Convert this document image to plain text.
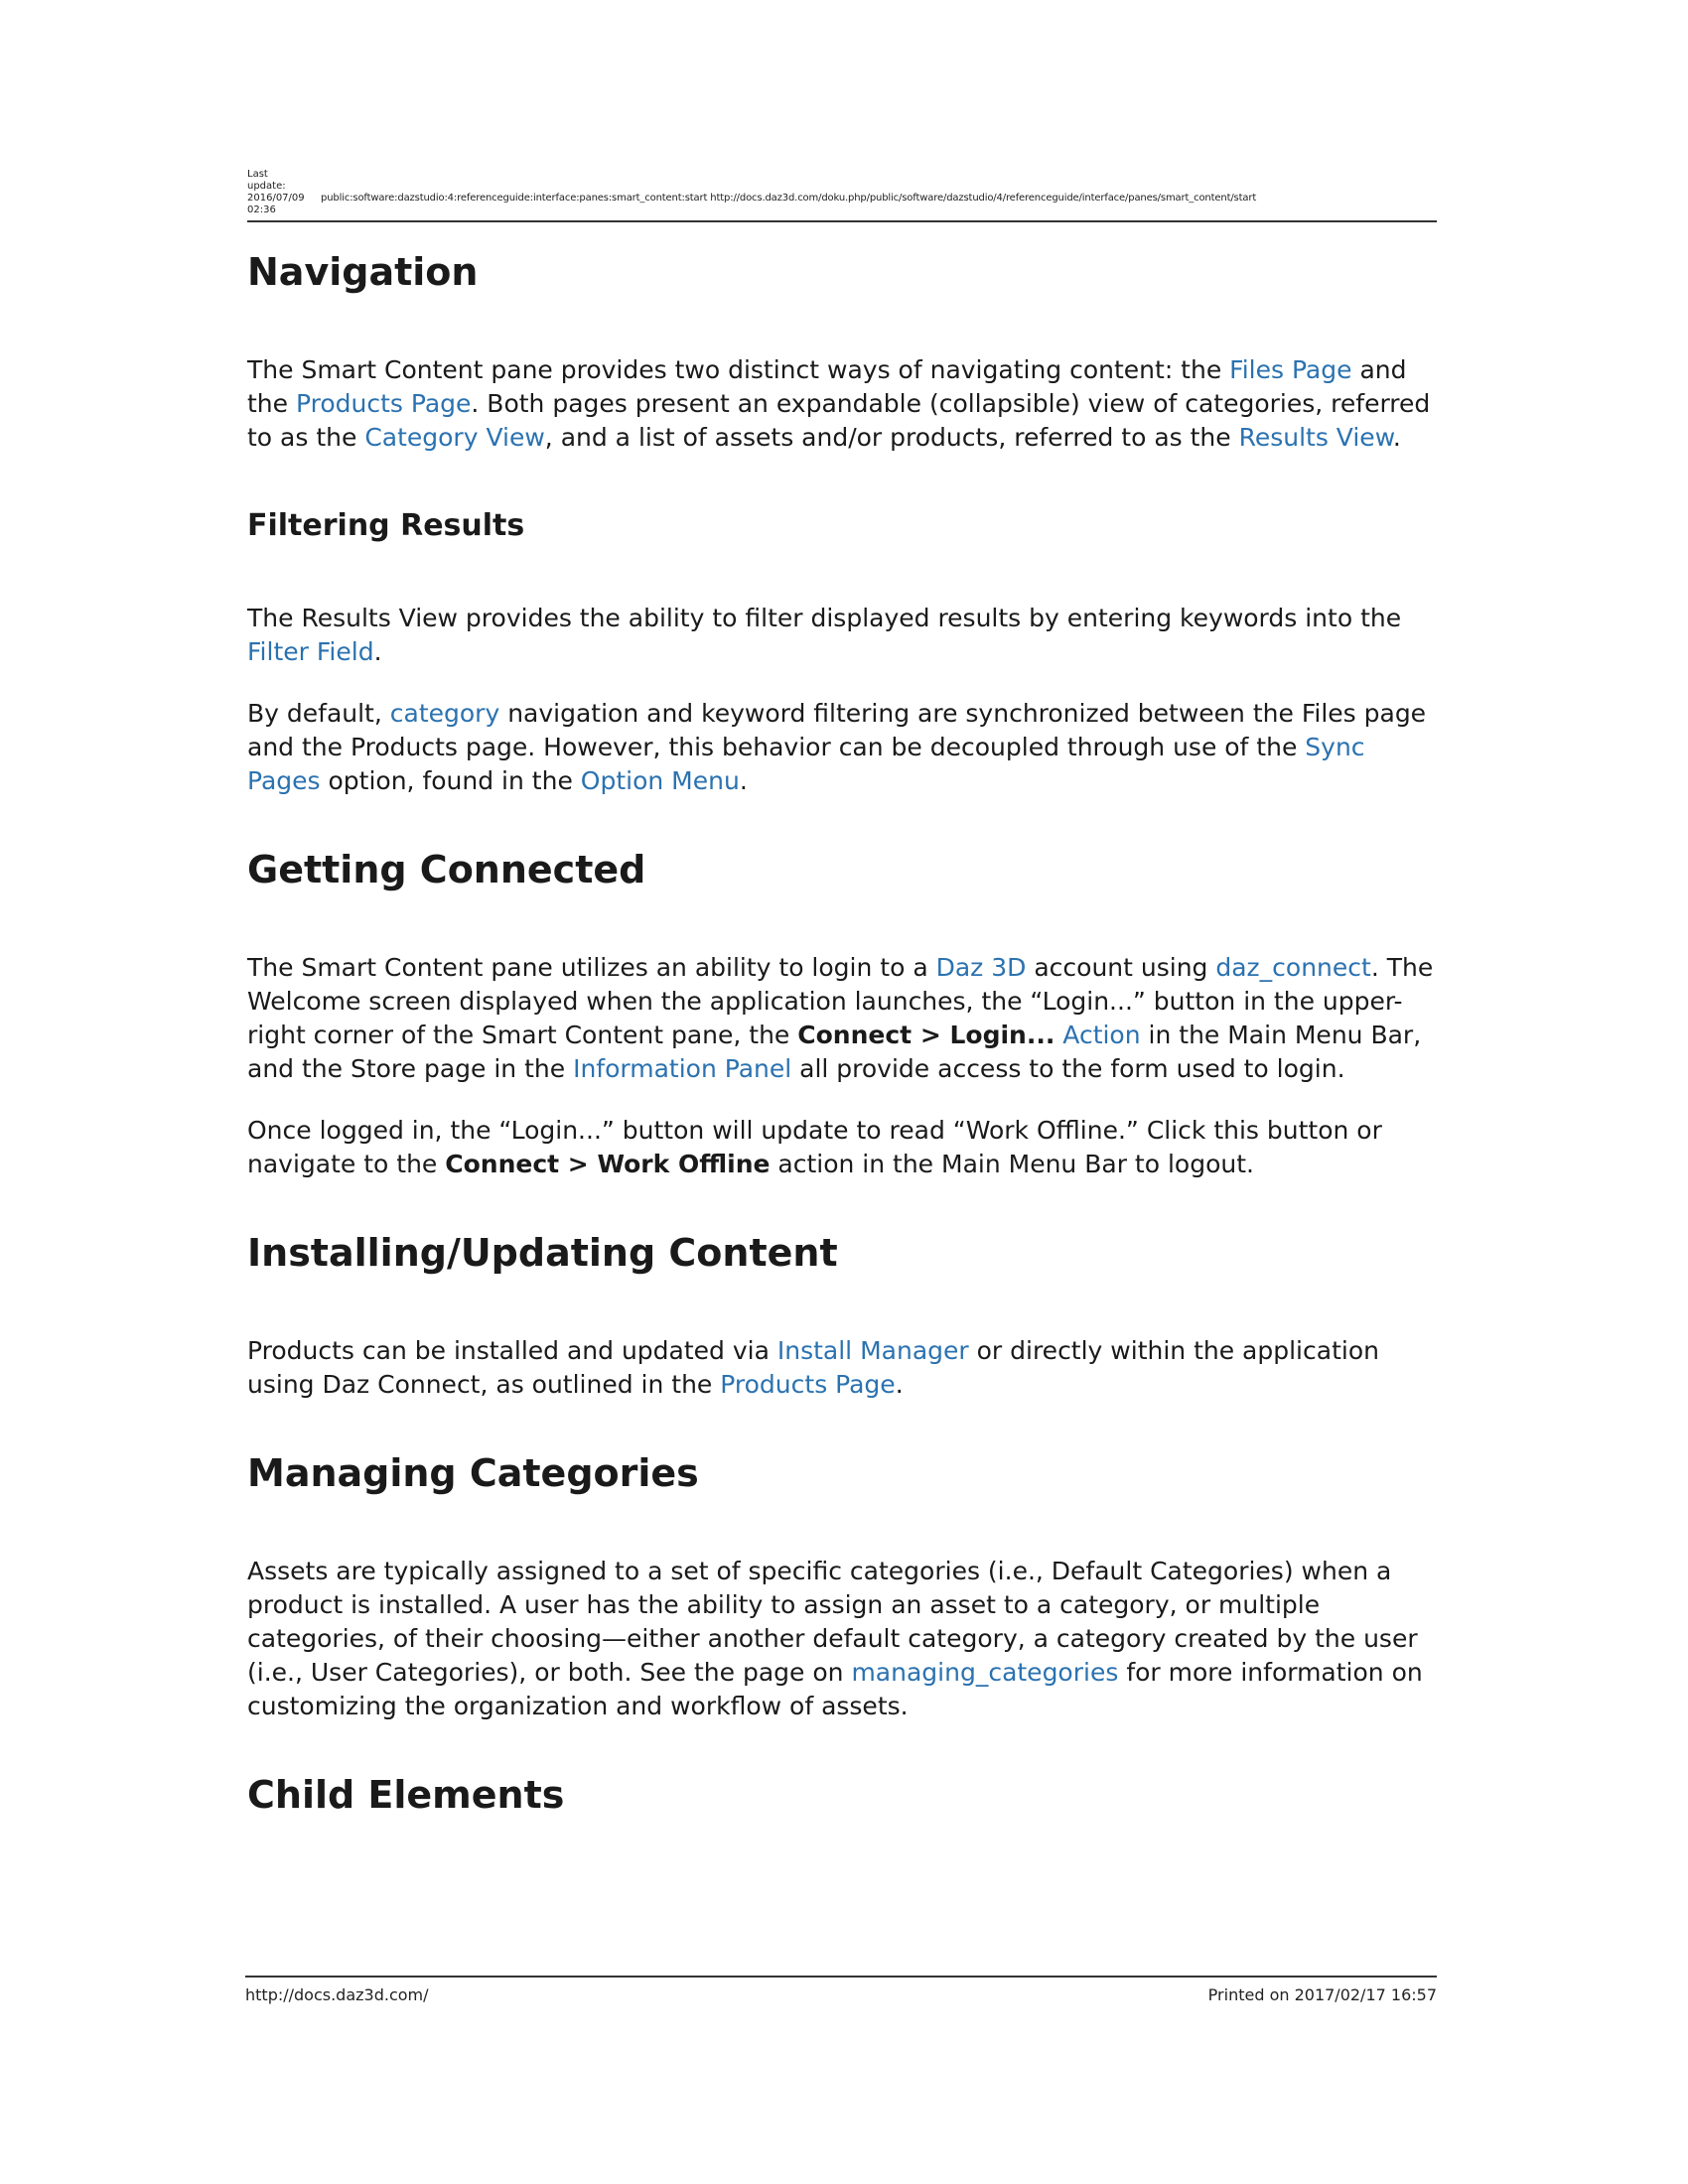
Last
update:
2016/07/09
02:36
public:software:dazstudio:4:referenceguide:interface:panes:smart_content:start http://docs.daz3d.com/doku.php/public/software/dazstudio/4/referenceguide/interface/panes/smart_content/start
Navigation

The Smart Content pane provides two distinct ways of navigating content: the Files Page and the Products Page. Both pages present an expandable (collapsible) view of categories, referred to as the Category View, and a list of assets and/or products, referred to as the Results View.

Filtering Results

The Results View provides the ability to filter displayed results by entering keywords into the Filter Field.

By default, category navigation and keyword filtering are synchronized between the Files page and the Products page. However, this behavior can be decoupled through use of the Sync Pages option, found in the Option Menu.

Getting Connected

The Smart Content pane utilizes an ability to login to a Daz 3D account using daz_connect. The Welcome screen displayed when the application launches, the “Login...” button in the upper-right corner of the Smart Content pane, the Connect > Login... Action in the Main Menu Bar, and the Store page in the Information Panel all provide access to the form used to login.

Once logged in, the “Login...” button will update to read “Work Offline.” Click this button or navigate to the Connect > Work Offline action in the Main Menu Bar to logout.

Installing/Updating Content

Products can be installed and updated via Install Manager or directly within the application using Daz Connect, as outlined in the Products Page.

Managing Categories

Assets are typically assigned to a set of specific categories (i.e., Default Categories) when a product is installed. A user has the ability to assign an asset to a category, or multiple categories, of their choosing—either another default category, a category created by the user (i.e., User Categories), or both. See the page on managing_categories for more information on customizing the organization and workflow of assets.

Child Elements
http://docs.daz3d.com/	Printed on 2017/02/17 16:57
